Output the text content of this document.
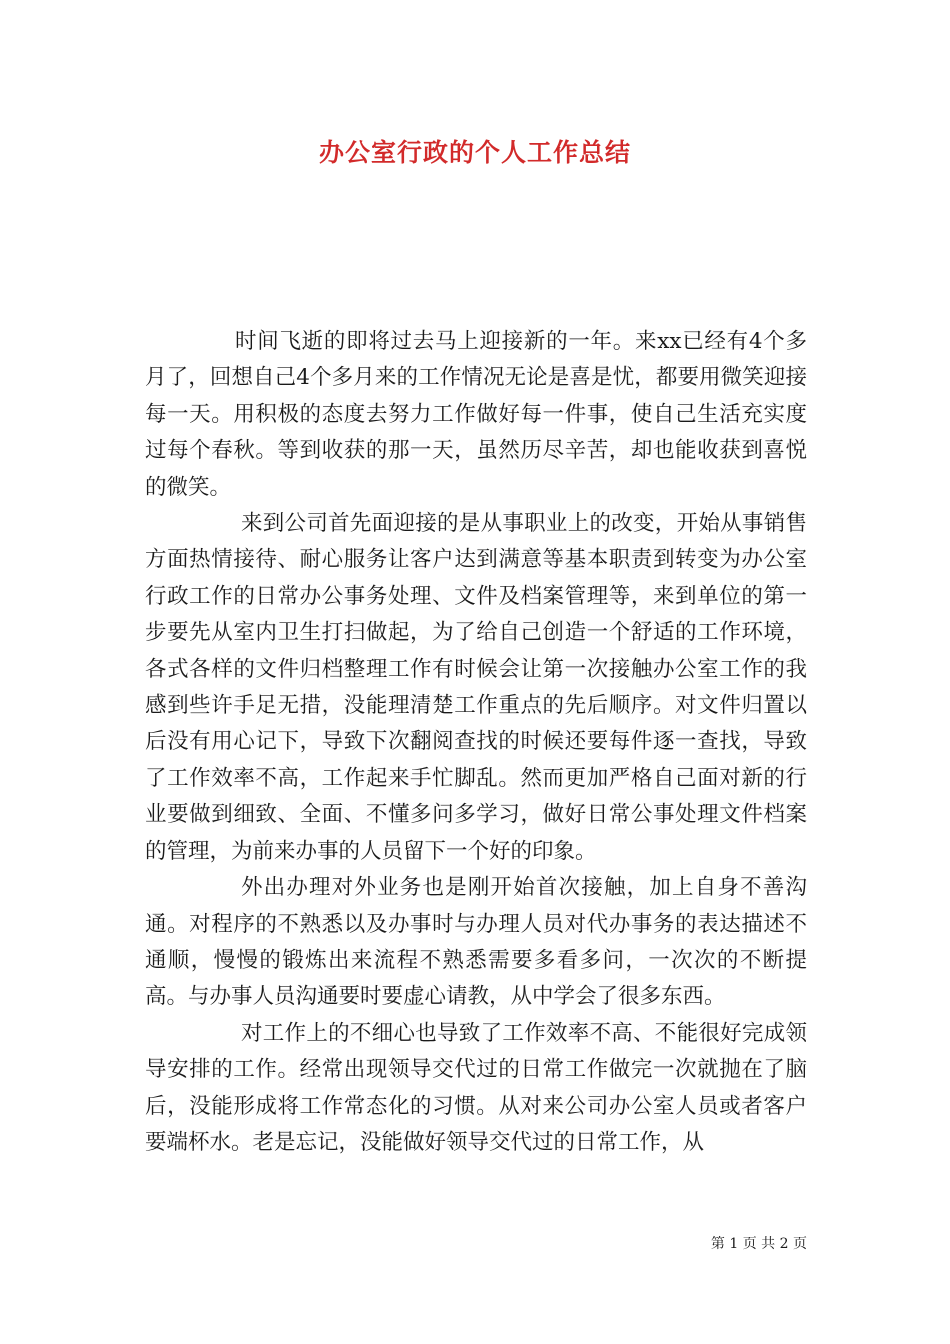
办公室行政的个人工作总结

时间飞逝的即将过去马上迎接新的一年。来xx已经有4个多月了，回想自己4个多月来的工作情况无论是喜是忧，都要用微笑迎接每一天。用积极的态度去努力工作做好每一件事，使自己生活充实度过每个春秋。等到收获的那一天，虽然历尽辛苦，却也能收获到喜悦的微笑。

来到公司首先面迎接的是从事职业上的改变，开始从事销售方面热情接待、耐心服务让客户达到满意等基本职责到转变为办公室行政工作的日常办公事务处理、文件及档案管理等，来到单位的第一步要先从室内卫生打扫做起，为了给自己创造一个舒适的工作环境，各式各样的文件归档整理工作有时候会让第一次接触办公室工作的我感到些许手足无措，没能理清楚工作重点的先后顺序。对文件归置以后没有用心记下，导致下次翻阅查找的时候还要每件逐一查找，导致了工作效率不高，工作起来手忙脚乱。然而更加严格自己面对新的行业要做到细致、全面、不懂多问多学习，做好日常公事处理文件档案的管理，为前来办事的人员留下一个好的印象。

外出办理对外业务也是刚开始首次接触，加上自身不善沟通。对程序的不熟悉以及办事时与办理人员对代办事务的表达描述不通顺，慢慢的锻炼出来流程不熟悉需要多看多问，一次次的不断提高。与办事人员沟通要时要虚心请教，从中学会了很多东西。

对工作上的不细心也导致了工作效率不高、不能很好完成领导安排的工作。经常出现领导交代过的日常工作做完一次就抛在了脑后，没能形成将工作常态化的习惯。从对来公司办公室人员或者客户要端杯水。老是忘记，没能做好领导交代过的日常工作，从

第 1 页 共 2 页
